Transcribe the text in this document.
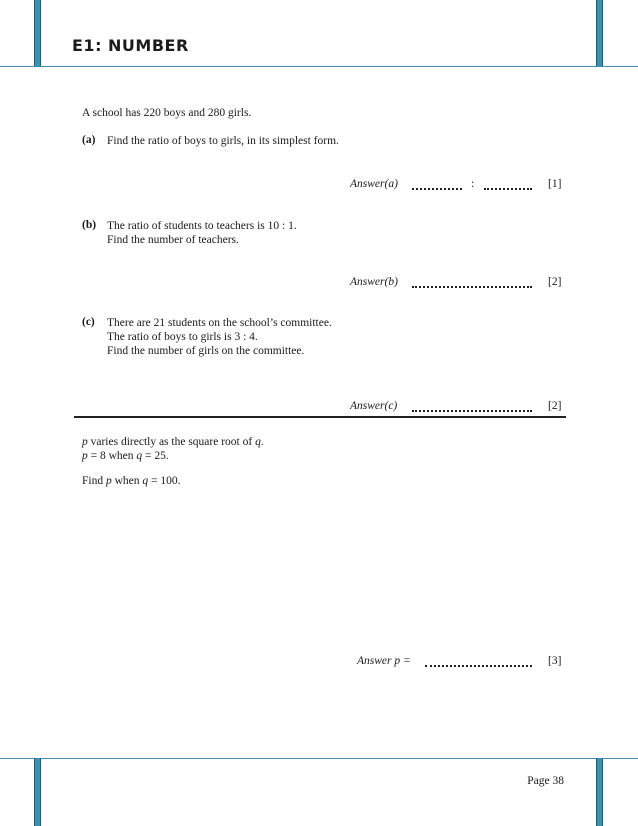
E1: NUMBER
A school has 220 boys and 280 girls.
(a) Find the ratio of boys to girls, in its simplest form.
Answer(a)	:	[1]
(b) The ratio of students to teachers is 10 : 1.
Find the number of teachers.
Answer(b)	[2]
(c) There are 21 students on the school’s committee.
The ratio of boys to girls is 3 : 4.
Find the number of girls on the committee.
Answer(c)	[2]
p varies directly as the square root of q.
p = 8 when q = 25.
Find p when q = 100.
Answer p =	[3]
Page 38
